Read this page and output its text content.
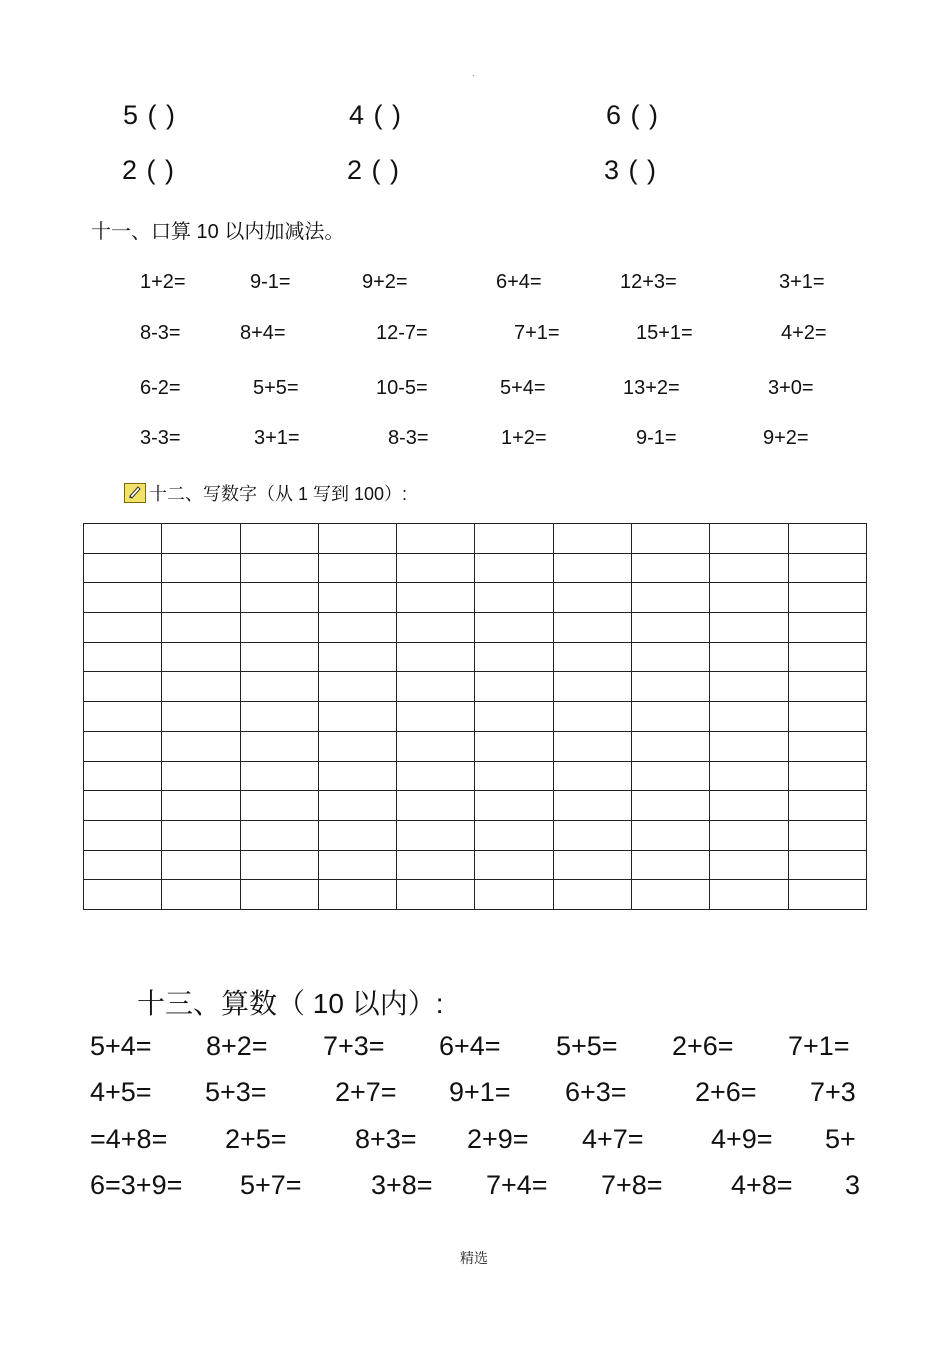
·
5 ( )	4 ( )	6 ( )
2 ( )	2 ( )	3 ( )
十一、口算 10 以内加减法。
1+2=	9-1=	9+2=	6+4=	12+3=	3+1=
8-3=	8+4=	12-7=	7+1=	15+1=	4+2=
6-2=	5+5=	10-5=	5+4=	13+2=	3+0=
3-3=	3+1=	8-3=	1+2=	9-1=	9+2=
十二、写数字（从 1 写到 100）:

十三、算数（ 10 以内）:
5+4= 8+2= 7+3= 6+4= 5+5= 2+6= 7+1=
4+5= 5+3=	2+7= 9+1= 6+3=	2+6= 7+3
=4+8= 2+5=	8+3= 2+9= 4+7= 4+9= 5+
6=3+9= 5+7=	3+8= 7+4= 7+8=	4+8= 3
精选
